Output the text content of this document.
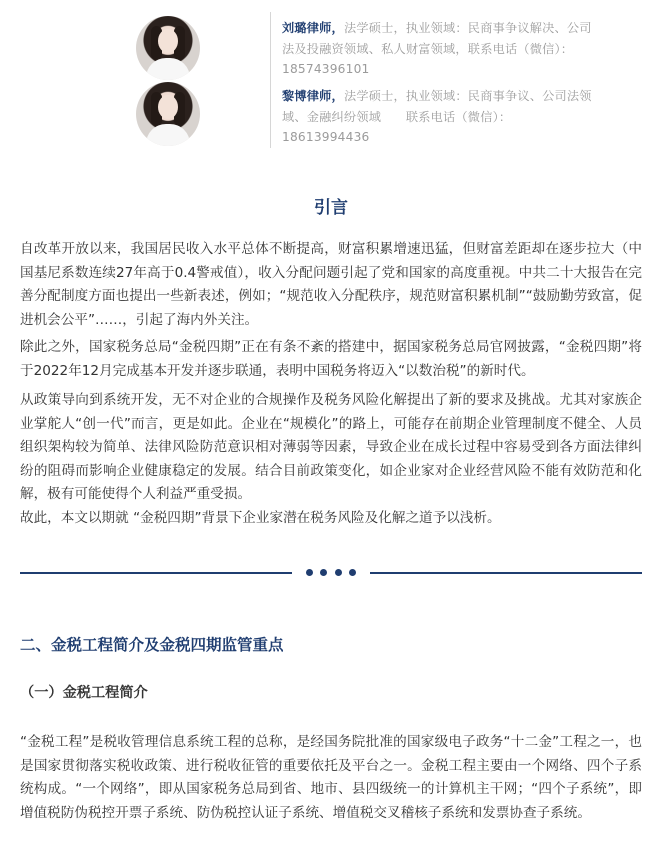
刘璐律师，法学硕士，执业领域：民商事争议解决、公司法及投融资领域、私人财富领域，联系电话（微信）：18574396101
黎博律师，法学硕士，执业领域：民商事争议、公司法领域、金融纠纷领域　　联系电话（微信）：18613994436
引言

自改革开放以来，我国居民收入水平总体不断提高，财富积累增速迅猛，但财富差距却在逐步拉大（中国基尼系数连续27年高于0.4警戒值），收入分配问题引起了党和国家的高度重视。中共二十大报告在完善分配制度方面也提出一些新表述，例如；“规范收入分配秩序，规范财富积累机制”“鼓励勤劳致富，促进机会公平”……，引起了海内外关注。

除此之外，国家税务总局“金税四期”正在有条不紊的搭建中，据国家税务总局官网披露，“金税四期”将于2022年12月完成基本开发并逐步联通，表明中国税务将迈入“以数治税”的新时代。

从政策导向到系统开发，无不对企业的合规操作及税务风险化解提出了新的要求及挑战。尤其对家族企业掌舵人“创一代”而言，更是如此。企业在“规模化”的路上，可能存在前期企业管理制度不健全、人员组织架构较为简单、法律风险防范意识相对薄弱等因素，导致企业在成长过程中容易受到各方面法律纠纷的阻碍而影响企业健康稳定的发展。结合目前政策变化，如企业家对企业经营风险不能有效防范和化解，极有可能使得个人利益严重受损。

故此，本文以期就 “金税四期”背景下企业家潜在税务风险及化解之道予以浅析。

二、金税工程简介及金税四期监管重点
（一）金税工程简介

“金税工程”是税收管理信息系统工程的总称，是经国务院批准的国家级电子政务“十二金”工程之一，也是国家贯彻落实税收政策、进行税收征管的重要依托及平台之一。金税工程主要由一个网络、四个子系统构成。“一个网络”，即从国家税务总局到省、地市、县四级统一的计算机主干网；“四个子系统”，即增值税防伪税控开票子系统、防伪税控认证子系统、增值税交叉稽核子系统和发票协查子系统。
